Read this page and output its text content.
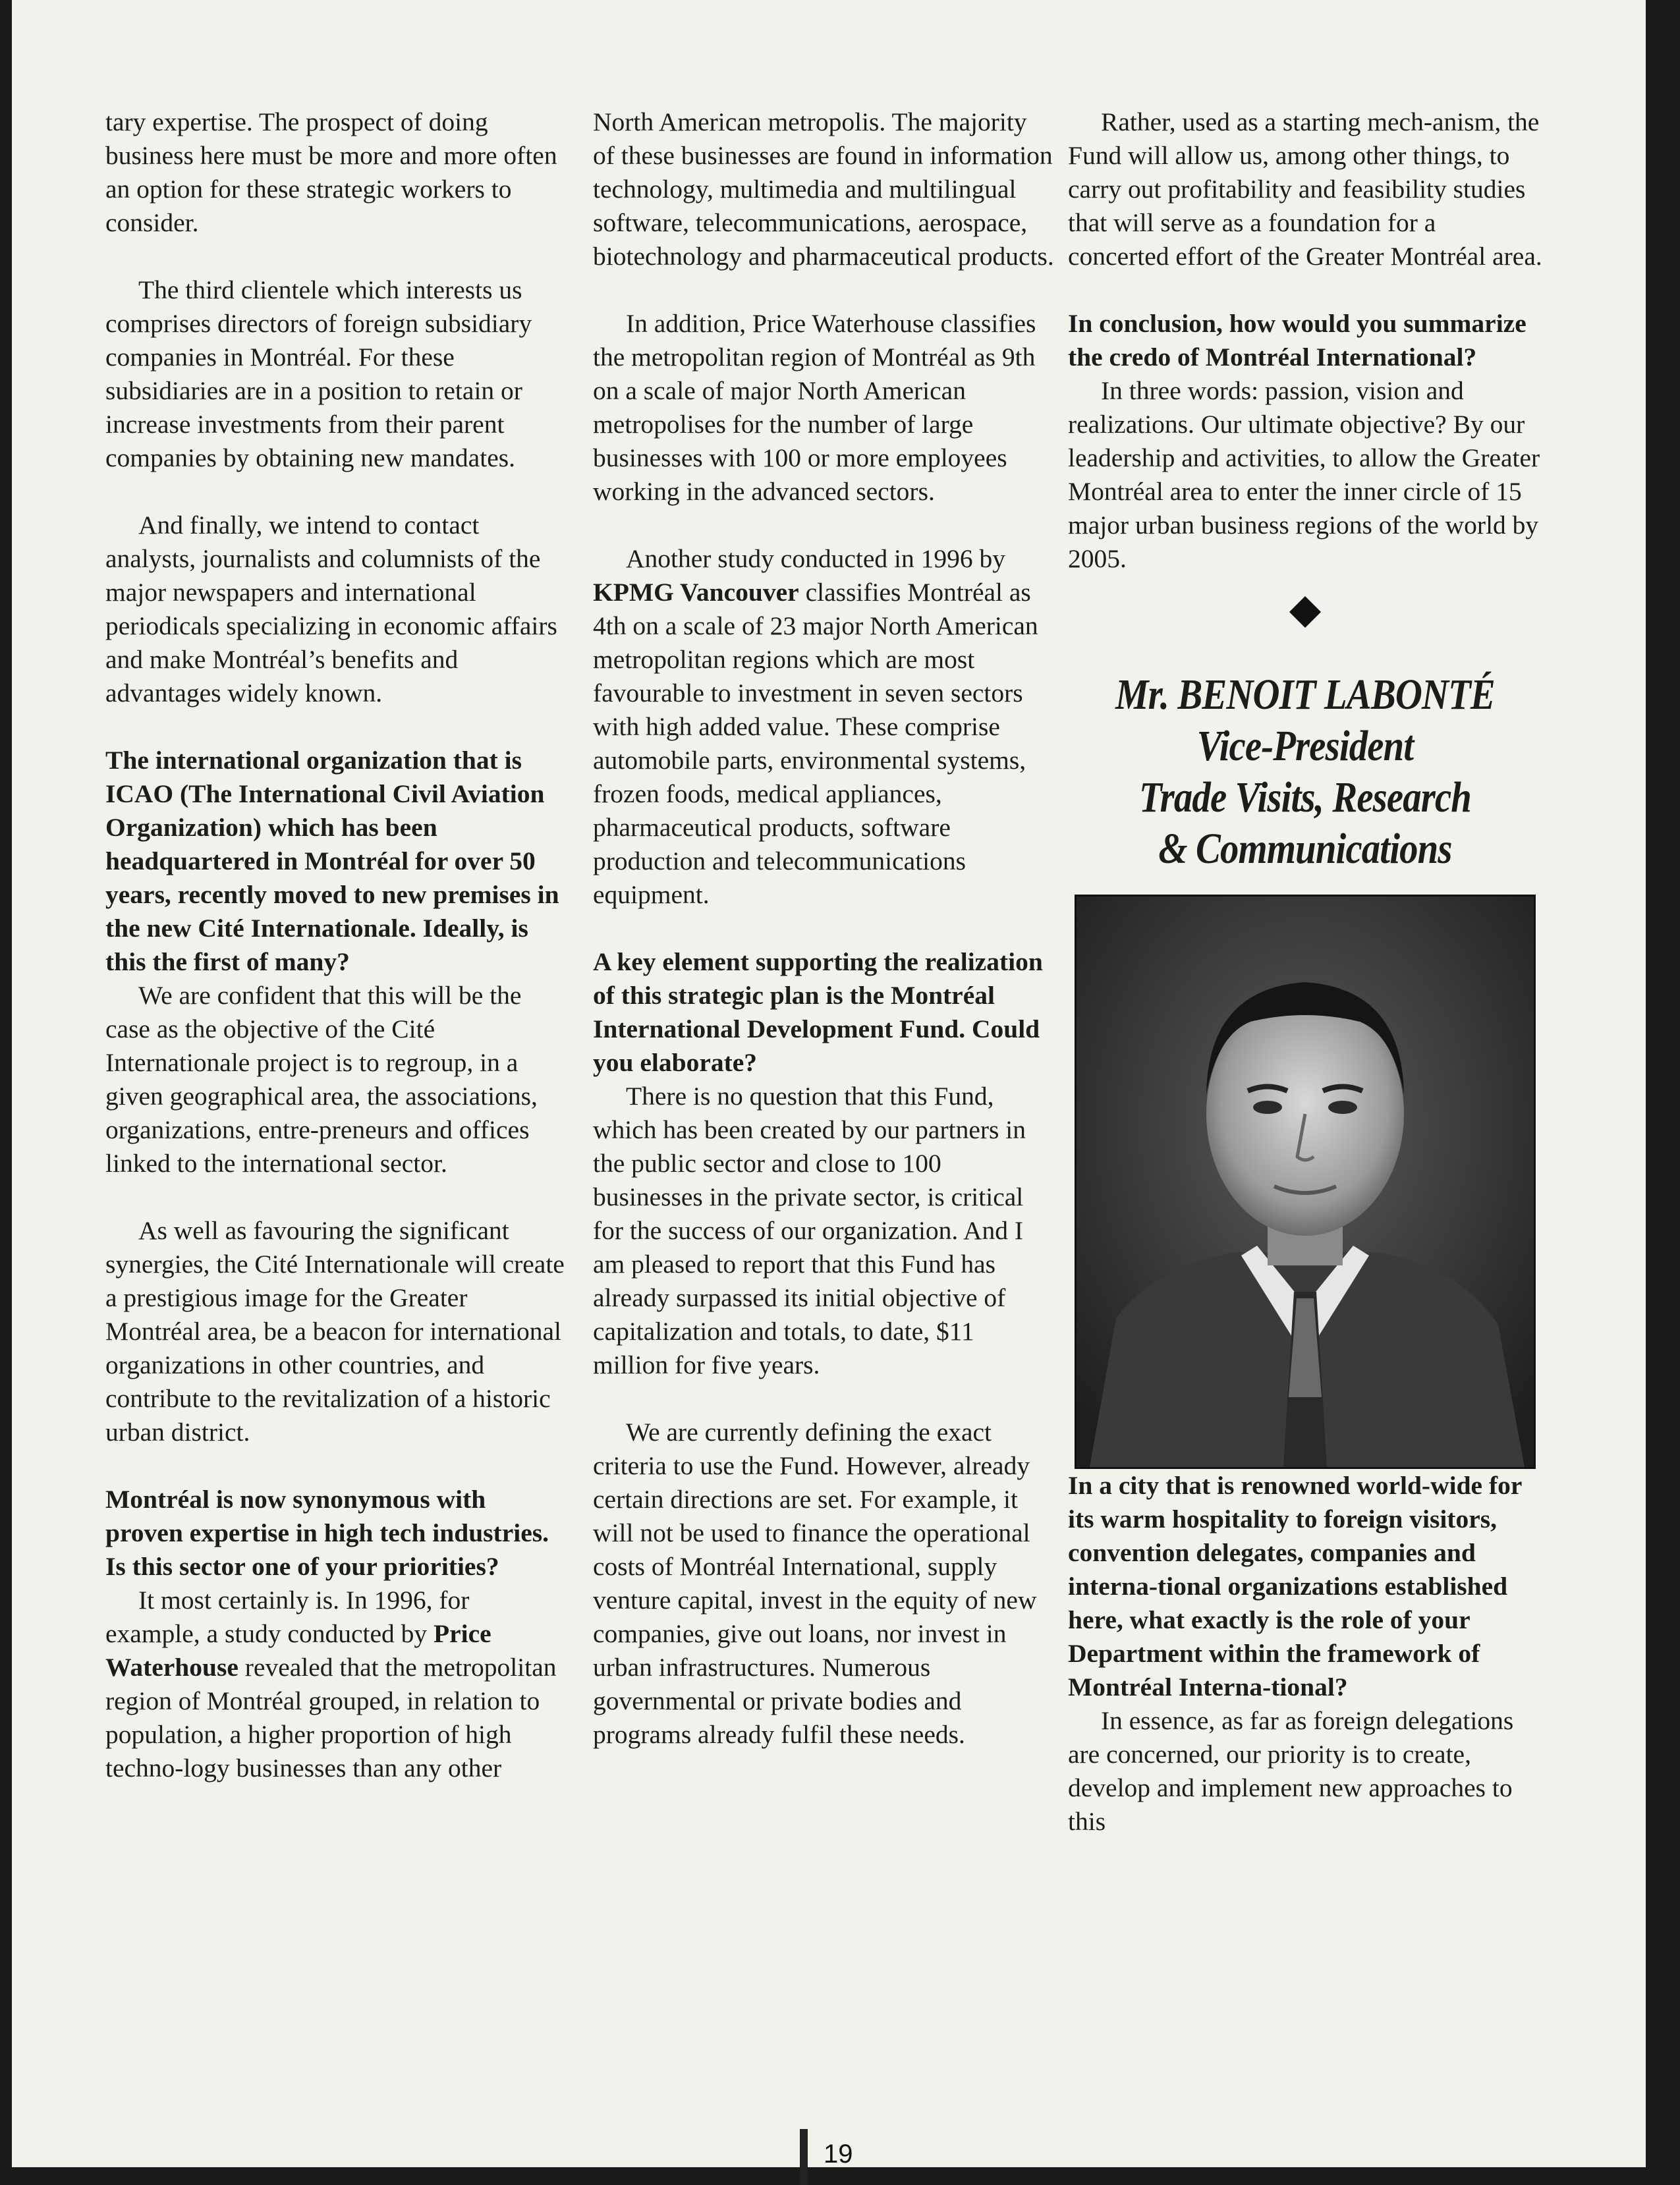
tary expertise. The prospect of doing business here must be more and more often an option for these strategic workers to consider.

The third clientele which interests us comprises directors of foreign subsidiary companies in Montréal. For these subsidiaries are in a position to retain or increase investments from their parent companies by obtaining new mandates.

And finally, we intend to contact analysts, journalists and columnists of the major newspapers and international periodicals specializing in economic affairs and make Montréal’s benefits and advantages widely known.

The international organization that is ICAO (The International Civil Aviation Organization) which has been headquartered in Montréal for over 50 years, recently moved to new premises in the new Cité Internationale. Ideally, is this the first of many?

We are confident that this will be the case as the objective of the Cité Internationale project is to regroup, in a given geographical area, the associations, organizations, entre-preneurs and offices linked to the international sector.

As well as favouring the significant synergies, the Cité Internationale will create a prestigious image for the Greater Montréal area, be a beacon for international organizations in other countries, and contribute to the revitalization of a historic urban district.

Montréal is now synonymous with proven expertise in high tech industries. Is this sector one of your priorities?

It most certainly is. In 1996, for example, a study conducted by Price Waterhouse revealed that the metropolitan region of Montréal grouped, in relation to population, a higher proportion of high techno-logy businesses than any other

North American metropolis. The majority of these businesses are found in information technology, multimedia and multilingual software, telecommunications, aerospace, biotechnology and pharmaceutical products.

In addition, Price Waterhouse classifies the metropolitan region of Montréal as 9th on a scale of major North American metropolises for the number of large businesses with 100 or more employees working in the advanced sectors.

Another study conducted in 1996 by KPMG Vancouver classifies Montréal as 4th on a scale of 23 major North American metropolitan regions which are most favourable to investment in seven sectors with high added value. These comprise automobile parts, environmental systems, frozen foods, medical appliances, pharmaceutical products, software production and telecommunications equipment.

A key element supporting the realization of this strategic plan is the Montréal International Development Fund. Could you elaborate?

There is no question that this Fund, which has been created by our partners in the public sector and close to 100 businesses in the private sector, is critical for the success of our organization. And I am pleased to report that this Fund has already surpassed its initial objective of capitalization and totals, to date, $11 million for five years.

We are currently defining the exact criteria to use the Fund. However, already certain directions are set. For example, it will not be used to finance the operational costs of Montréal International, supply venture capital, invest in the equity of new companies, give out loans, nor invest in urban infrastructures. Numerous governmental or private bodies and programs already fulfil these needs.

Rather, used as a starting mech-anism, the Fund will allow us, among other things, to carry out profitability and feasibility studies that will serve as a foundation for a concerted effort of the Greater Montréal area.

In conclusion, how would you summarize the credo of Montréal International?

In three words: passion, vision and realizations. Our ultimate objective? By our leadership and activities, to allow the Greater Montréal area to enter the inner circle of 15 major urban business regions of the world by 2005.

Mr. BENOIT LABONTÉ
Vice-President
Trade Visits, Research
& Communications

In a city that is renowned world-wide for its warm hospitality to foreign visitors, convention delegates, companies and interna-tional organizations established here, what exactly is the role of your Department within the framework of Montréal Interna-tional?

In essence, as far as foreign delegations are concerned, our priority is to create, develop and implement new approaches to this

19
